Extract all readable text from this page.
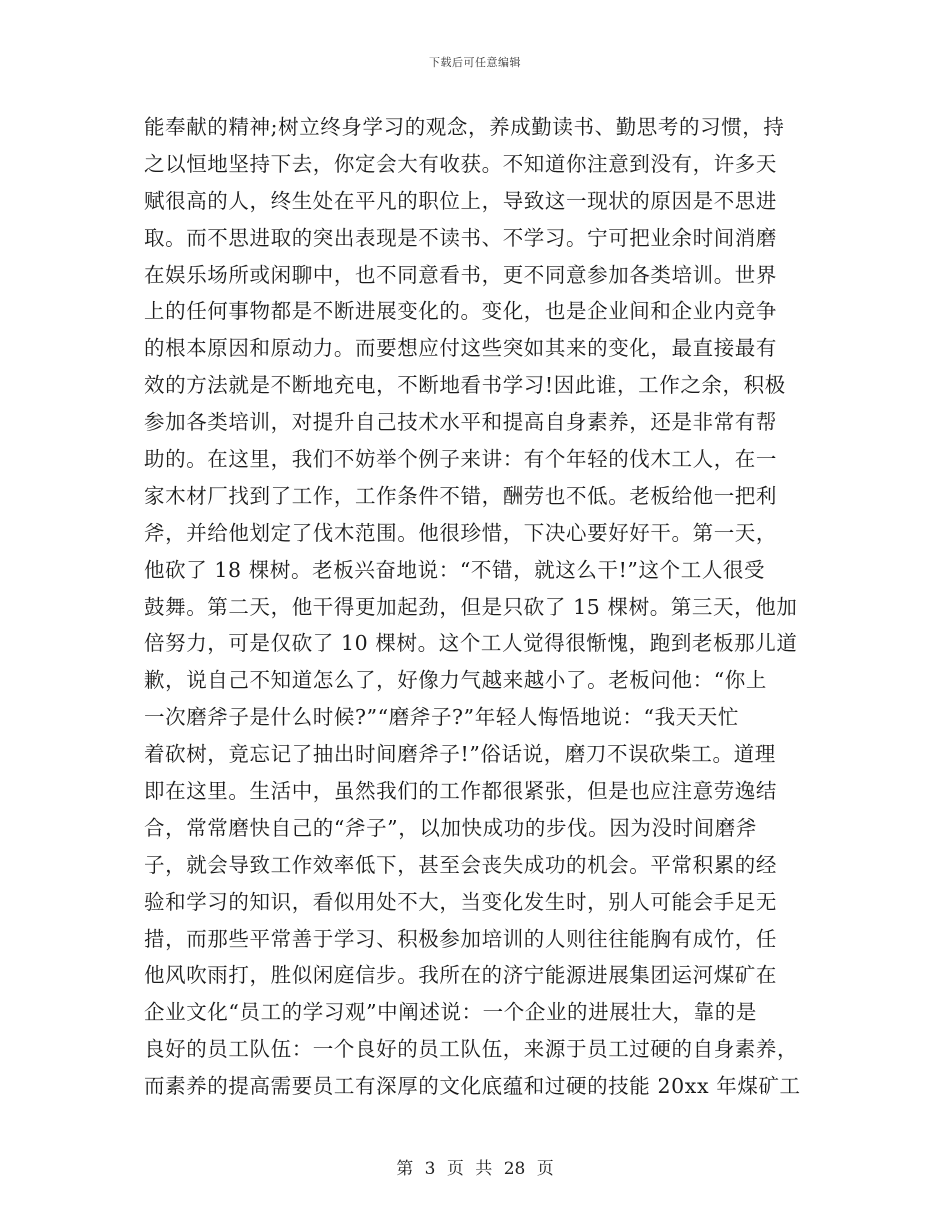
下载后可任意编辑
能奉献的精神;树立终身学习的观念，养成勤读书、勤思考的习惯，持
之以恒地坚持下去，你定会大有收获。不知道你注意到没有，许多天
赋很高的人，终生处在平凡的职位上，导致这一现状的原因是不思进
取。而不思进取的突出表现是不读书、不学习。宁可把业余时间消磨
在娱乐场所或闲聊中，也不同意看书，更不同意参加各类培训。世界
上的任何事物都是不断进展变化的。变化，也是企业间和企业内竞争
的根本原因和原动力。而要想应付这些突如其来的变化，最直接最有
效的方法就是不断地充电，不断地看书学习!因此谁，工作之余，积极
参加各类培训，对提升自己技术水平和提高自身素养，还是非常有帮
助的。在这里，我们不妨举个例子来讲：有个年轻的伐木工人，在一
家木材厂找到了工作，工作条件不错，酬劳也不低。老板给他一把利
斧，并给他划定了伐木范围。他很珍惜，下决心要好好干。第一天，
他砍了 18 棵树。老板兴奋地说：“不错，就这么干!”这个工人很受
鼓舞。第二天，他干得更加起劲，但是只砍了 15 棵树。第三天，他加
倍努力，可是仅砍了 10 棵树。这个工人觉得很惭愧，跑到老板那儿道
歉，说自己不知道怎么了，好像力气越来越小了。老板问他：“你上
一次磨斧子是什么时候?”“磨斧子?”年轻人悔悟地说：“我天天忙
着砍树，竟忘记了抽出时间磨斧子!”俗话说，磨刀不误砍柴工。道理
即在这里。生活中，虽然我们的工作都很紧张，但是也应注意劳逸结
合，常常磨快自己的“斧子”，以加快成功的步伐。因为没时间磨斧
子，就会导致工作效率低下，甚至会丧失成功的机会。平常积累的经
验和学习的知识，看似用处不大，当变化发生时，别人可能会手足无
措，而那些平常善于学习、积极参加培训的人则往往能胸有成竹，任
他风吹雨打，胜似闲庭信步。我所在的济宁能源进展集团运河煤矿在
企业文化“员工的学习观”中阐述说：一个企业的进展壮大，靠的是
良好的员工队伍：一个良好的员工队伍，来源于员工过硬的自身素养，
而素养的提高需要员工有深厚的文化底蕴和过硬的技能 20xx 年煤矿工
第 3 页 共 28 页
